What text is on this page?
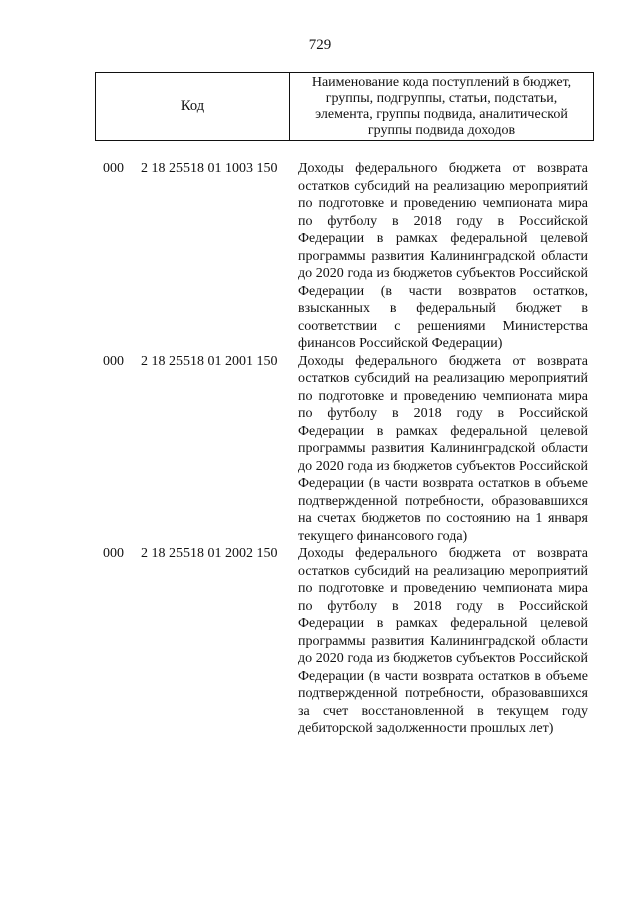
729
Код
Наименование кода поступлений в бюджет, группы, подгруппы, статьи, подстатьи, элемента, группы подвида, аналитической группы подвида доходов
000	2 18 25518 01 1003 150	Доходы федерального бюджета от возврата остатков субсидий на реализацию мероприятий по подготовке и проведению чемпионата мира по футболу в 2018 году в Российской Федерации в рамках федеральной целевой программы развития Калининградской области до 2020 года из бюджетов субъектов Российской Федерации (в части возвратов остатков, взысканных в федеральный бюджет в соответствии с решениями Министерства финансов Российской Федерации)
000	2 18 25518 01 2001 150	Доходы федерального бюджета от возврата остатков субсидий на реализацию мероприятий по подготовке и проведению чемпионата мира по футболу в 2018 году в Российской Федерации в рамках федеральной целевой программы развития Калининградской области до 2020 года из бюджетов субъектов Российской Федерации (в части возврата остатков в объеме подтвержденной потребности, образовавшихся на счетах бюджетов по состоянию на 1 января текущего финансового года)
000	2 18 25518 01 2002 150	Доходы федерального бюджета от возврата остатков субсидий на реализацию мероприятий по подготовке и проведению чемпионата мира по футболу в 2018 году в Российской Федерации в рамках федеральной целевой программы развития Калининградской области до 2020 года из бюджетов субъектов Российской Федерации (в части возврата остатков в объеме подтвержденной потребности, образовавшихся за счет восстановленной в текущем году дебиторской задолженности прошлых лет)
